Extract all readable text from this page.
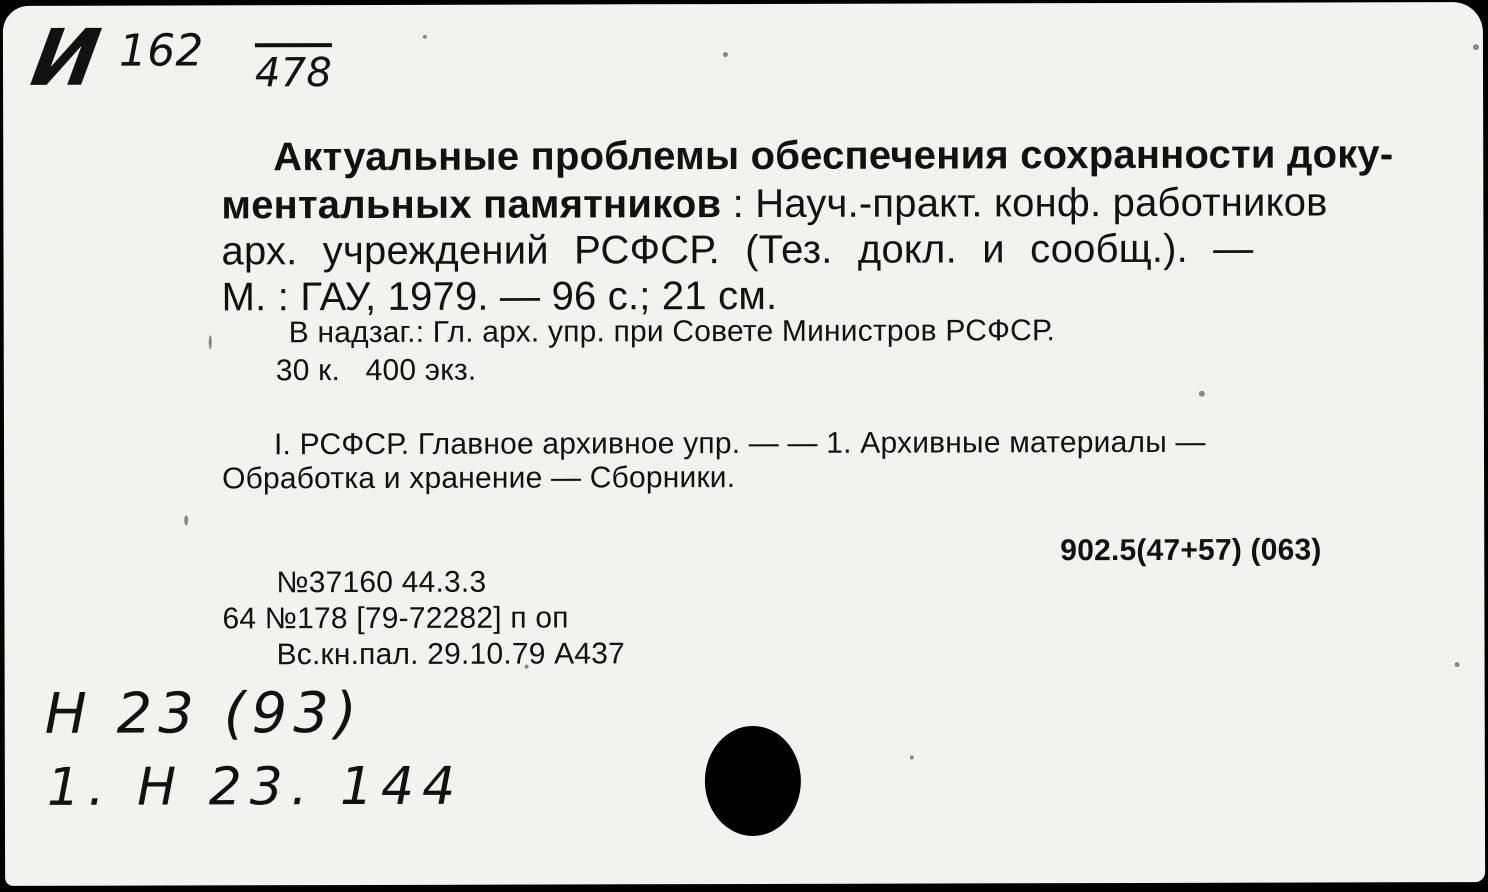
И 162 478
Актуальные проблемы обеспечения сохранности доку-
ментальных памятников : Науч.-практ. конф. работников
арх. учреждений РСФСР. (Тез. докл. и сообщ.). —
М. : ГАУ, 1979. — 96 с.; 21 см.
В надзаг.: Гл. арх. упр. при Совете Министров РСФСР.
30 к.   400 экз.
I. РСФСР. Главное архивное упр. — — 1. Архивные материалы —
Обработка и хранение — Сборники.
902.5(47+57) (063)
№37160 44.3.3
64 №178 [79-72282] п оп
Вс.кн.пал. 29.10.79 А437
Н 23 (93)
1. Н 23. 144
